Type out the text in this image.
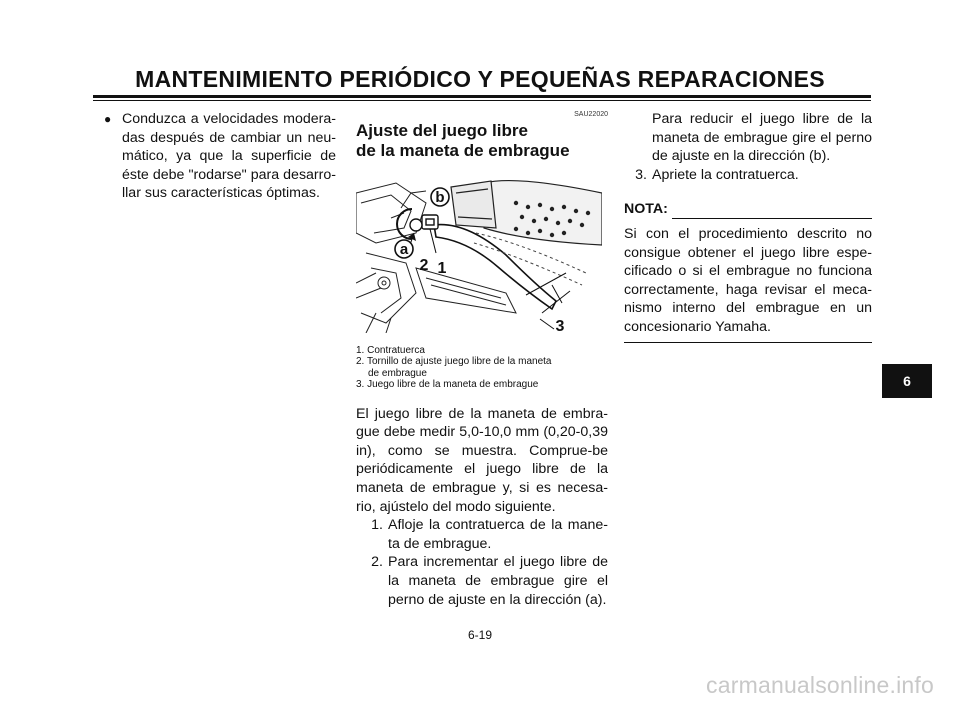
MANTENIMIENTO PERIÓDICO Y PEQUEÑAS REPARACIONES
● Conduzca a velocidades modera-das después de cambiar un neu-mático, ya que la superficie de éste debe "rodarse" para desarro-llar sus características óptimas.
SAU22020
Ajuste del juego libre
de la maneta de embrague
a
b
2 1
3
1. Contratuerca
2. Tornillo de ajuste juego libre de la maneta
de embrague
3. Juego libre de la maneta de embrague
El juego libre de la maneta de embra-gue debe medir 5,0-10,0 mm (0,20-0,39 in), como se muestra. Comprue-be periódicamente el juego libre de la maneta de embrague y, si es necesa-rio, ajústelo del modo siguiente.
1. Afloje la contratuerca de la mane-ta de embrague.
2. Para incrementar el juego libre de la maneta de embrague gire el perno de ajuste en la dirección (a).
Para reducir el juego libre de la maneta de embrague gire el perno de ajuste en la dirección (b).
3. Apriete la contratuerca.
NOTA:
Si con el procedimiento descrito no consigue obtener el juego libre espe-cificado o si el embrague no funciona correctamente, haga revisar el meca-nismo interno del embrague en un concesionario Yamaha.
6
6-19
carmanualsonline.info
